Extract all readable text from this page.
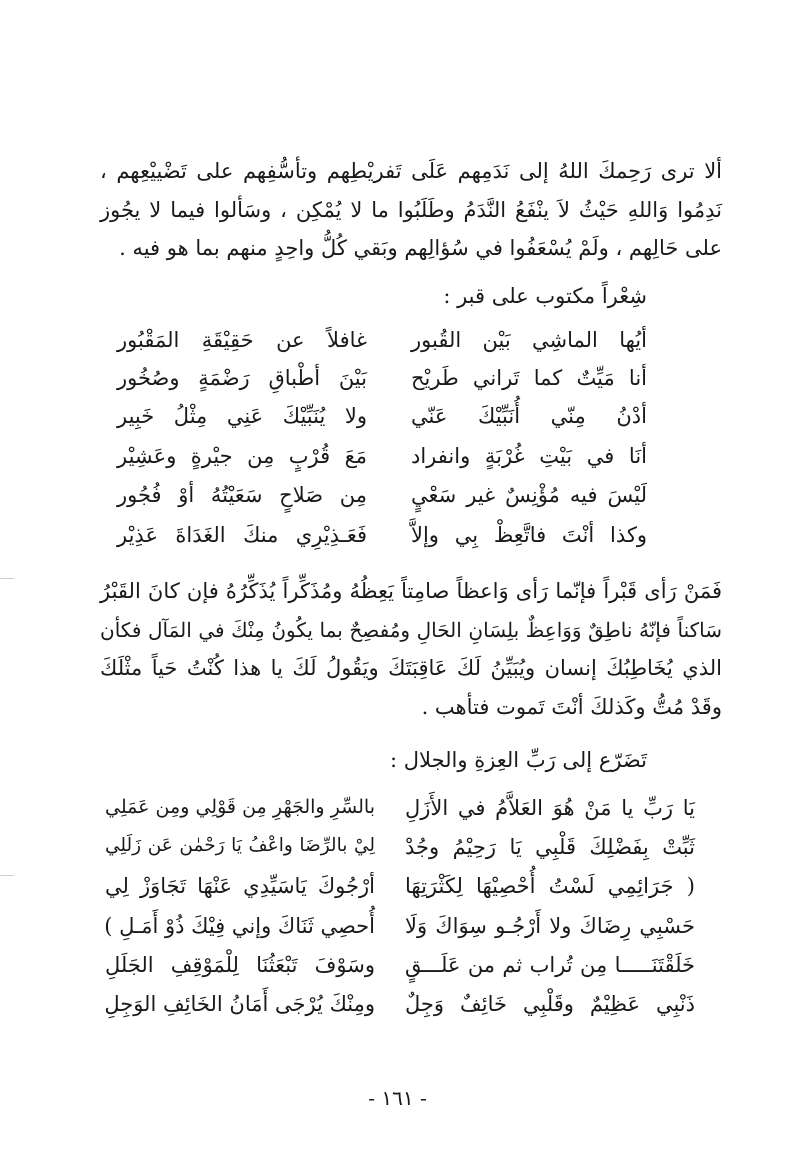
ألا ترى رَحِمكَ اللهُ إلى نَدَمِهم عَلَى تَفريْطِهم وتأسُّفِهم على تَضْييْعِهم ،
نَدِمُوا وَاللهِ حَيْثُ لاَ ينْفَعُ النَّدَمُ وطَلَبُوا ما لا يُمْكِن ، وسَألوا فيما لا يجُوز
على حَالِهم ، ولَمْ يُسْعَفُوا في سُؤالِهم وبَقي كُلُّ واحِدٍ منهم بما هو فيه .
شِعْراً مكتوب على قبر :
أيُها الماشِي بَيْن القُبور
غافلاً عن حَقِيْقَةِ المَقْبُور
أنا مَيِّتٌ كما تَراني طَريْح
بَيْنَ أطْباقِ رَضْمَةٍ وصُخُور
أدْنُ مِنّي أُنَبِّيْكَ عَنّي
ولا يُنَبِّيْكَ عَنِي مِثْلُ خَبِير
أنَا في بَيْتِ غُرْبَةٍ وانفراد
مَعَ قُرْبٍ مِن جيْرةٍ وعَشِيْر
لَيْسَ فيه مُؤْنِسٌ غير سَعْيٍ
مِن صَلاحٍ سَعَيْتُهُ أوْ فُجُور
وكذا أنْتَ فاتَّعِظْ بِي وإلاَّ
فَعَـذِيْرِي منكَ الغَدَاةَ عَذِيْر
فَمَنْ رَأى قَبْراً فإنّما رَأى وَاعظاً صامِتاً يَعِظُهُ ومُذَكِّراً يُذَكِّرُهُ فإن كانَ القَبْرُ
سَاكناً فإنّهُ ناطِقٌ وَوَاعِظٌ بلِسَانِ الحَالِ ومُفصِحٌ بما يكُونُ مِنْكَ في المَآل فكأن
الذي يُخَاطِبُكَ إنسان ويُبَيِّنُ لَكَ عَاقِبَتَكَ ويَقُولُ لَكَ يا هذا كُنْتُ حَياً مثْلَكَ
وقَدْ مُتُّ وكَذلكَ أنْتَ تَموت فتأهب .
تَضَرّع إلى رَبِّ العِزةِ والجلال :
يَا رَبِّ يا مَنْ هُوَ العَلاَّمُ في الأَزَلِ
بالسِّرِ والجَهْرِ مِن قَوْلِي ومِن عَمَلِي
ثَبِّتْ بِفَضْلِكَ قَلْبِي يَا رَحِيْمُ وجُدْ
لِيْ بالرِّضَا واعْفُ يَا رَحْمٰن عَن زَلَلِي
( جَرَائِمِي لَسْتُ أُحْصِيْهَا لِكَثْرَتِهَا
أرْجُوكَ يَاسَيِّدِي عَنْهَا تَجَاوَزْ لِي
حَسْبِي رِضَاكَ ولا أَرْجُـو سِوَاكَ وَلَا
أُحصِي ثَنَاكَ وإني فِيْكَ ذُوْ أَمَـلِ )
خَلَقْتَنَـــــا مِن تُراب ثم من عَلَـــقٍ
وسَوْفَ تَبْعَثُنَا لِلْمَوْقِفِ الجَلَلِ
ذَنْبِي عَظِيْمٌ وقَلْبِي خَائِفٌ وَجِلٌ
ومِنْكَ يُرْجَى أَمَانُ الخَائِفِ الوَجِلِ
- ١٦١ -
